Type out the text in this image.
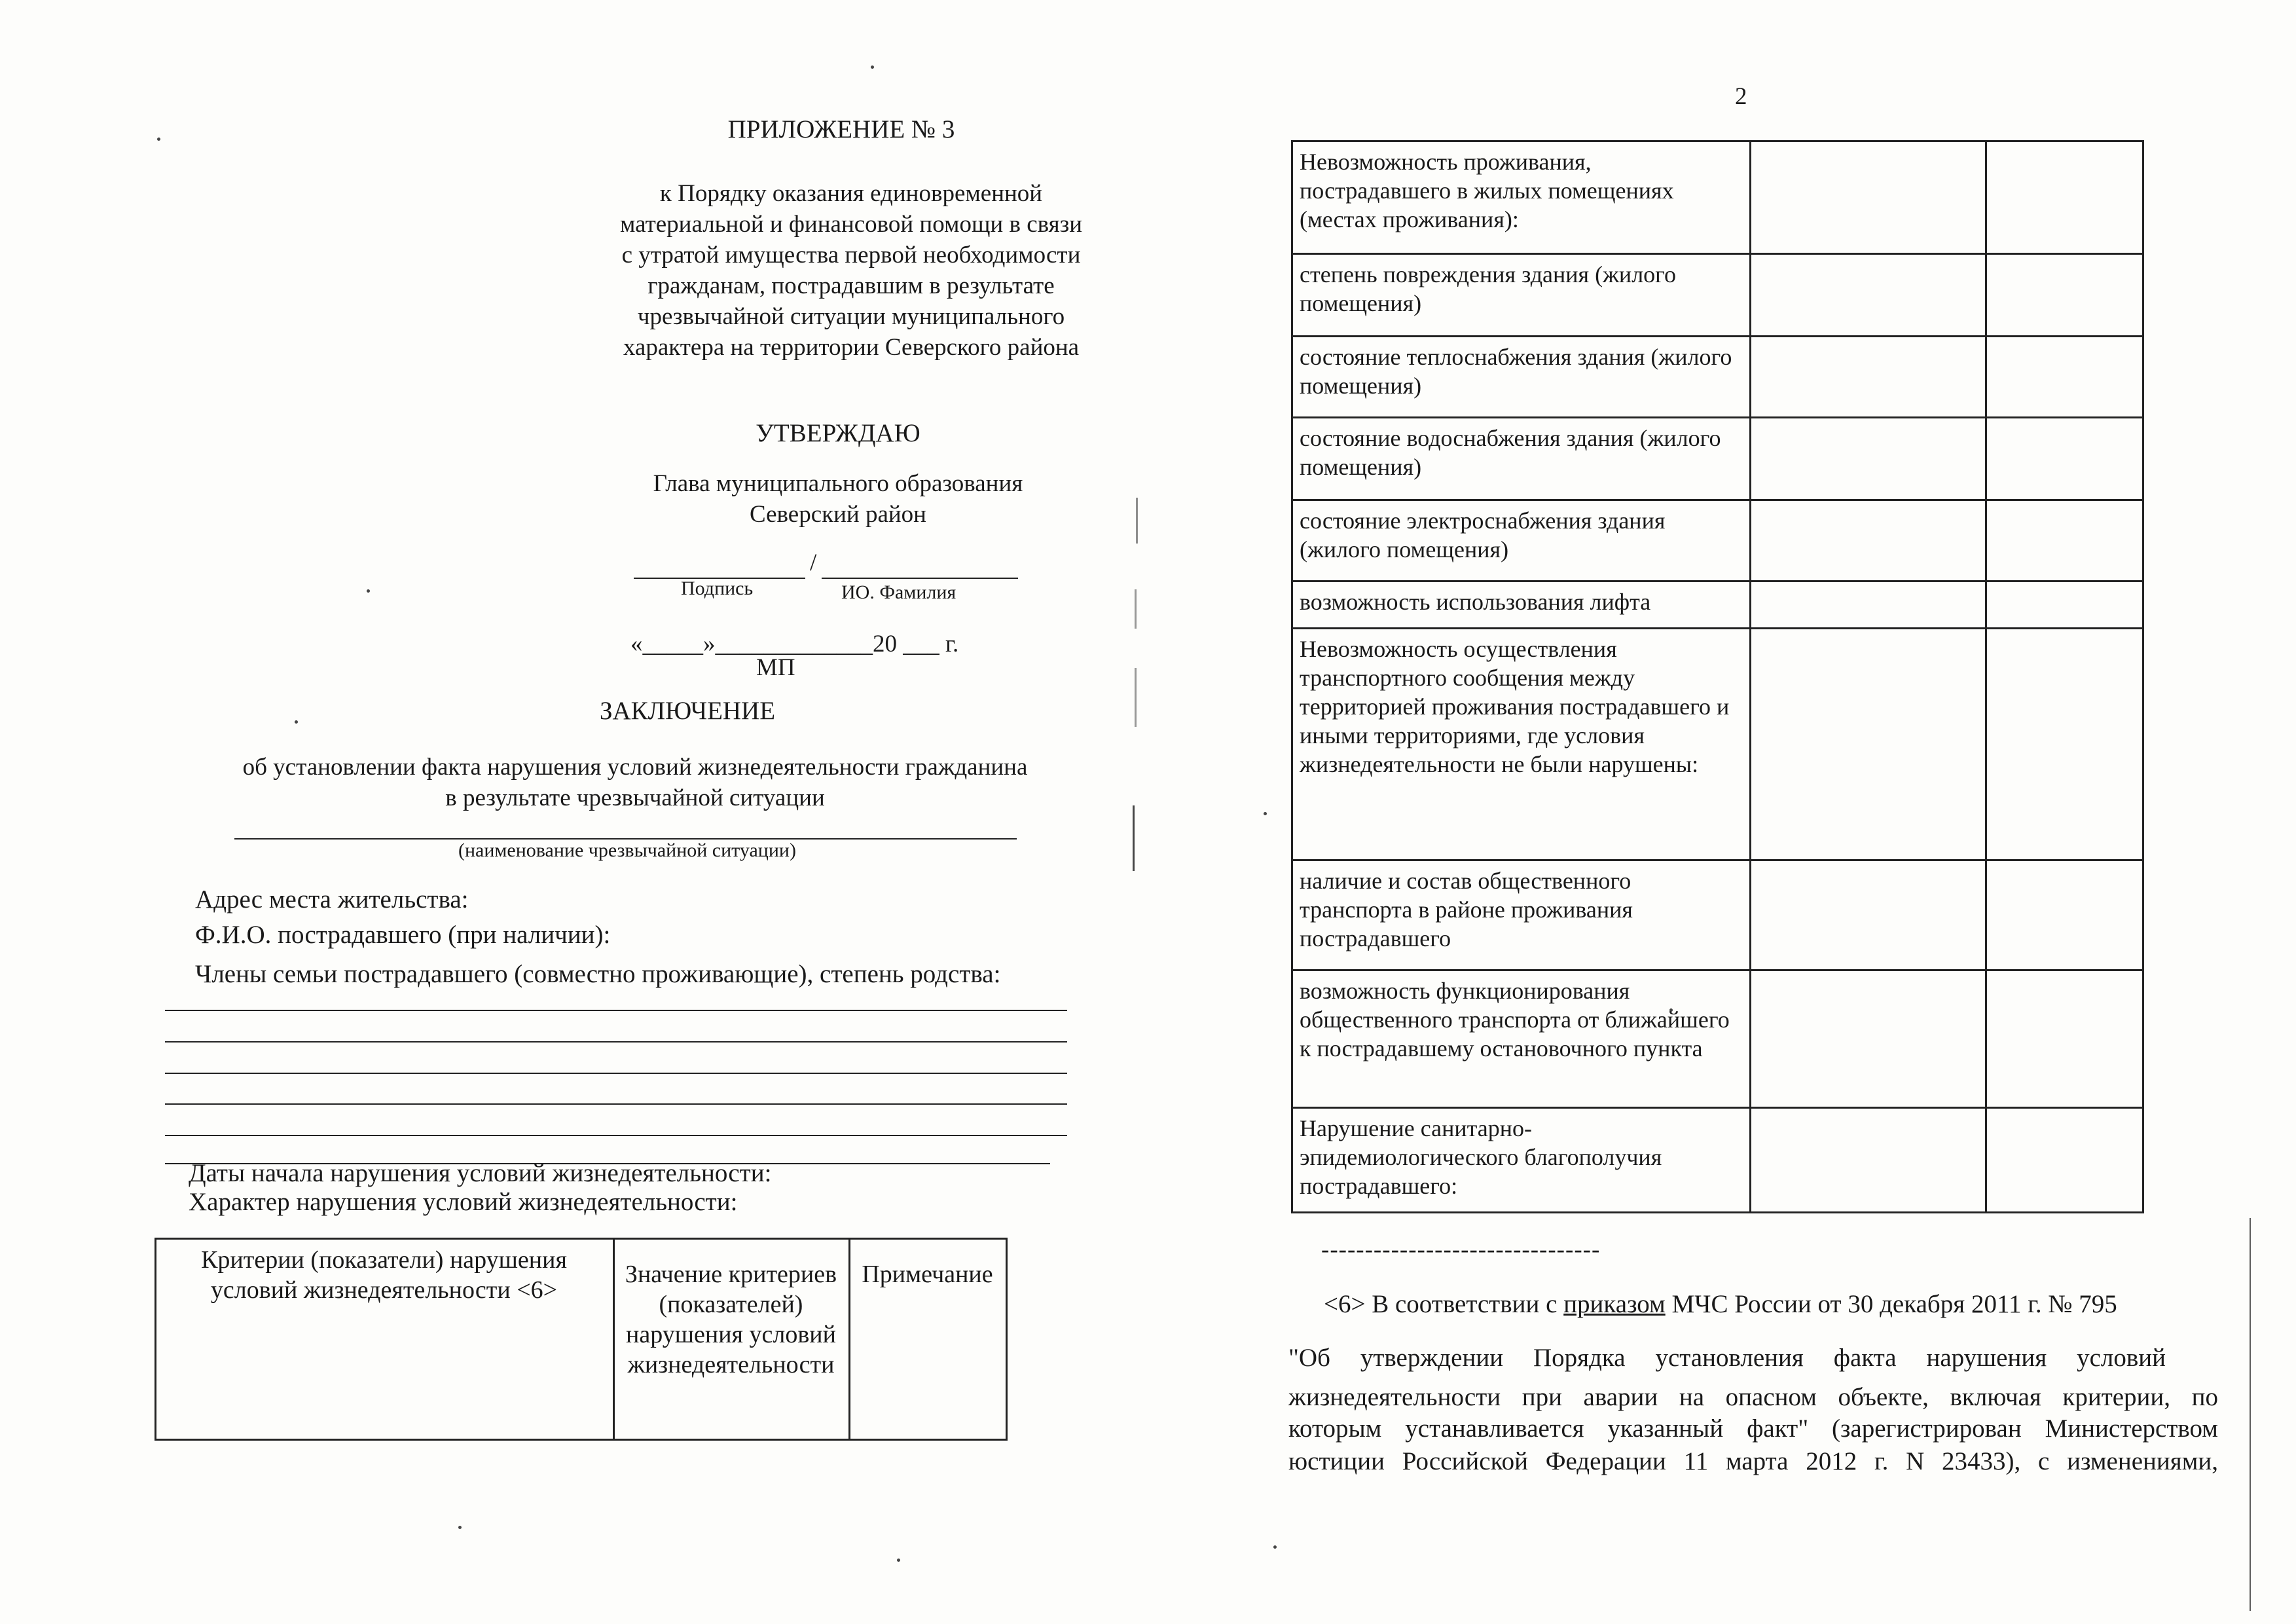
ПРИЛОЖЕНИЕ № 3
к Порядку оказания единовременной
материальной и финансовой помощи в связи
с утратой имущества первой необходимости
гражданам, пострадавшим в результате
чрезвычайной ситуации муниципального
характера на территории Северского района
УТВЕРЖДАЮ
Глава муниципального образования
Северский район
/
Подпись	ИО. Фамилия
«_____»_____________20 ___ г.
МП
ЗАКЛЮЧЕНИЕ
об установлении факта нарушения условий жизнедеятельности гражданина
в результате чрезвычайной ситуации
(наименование чрезвычайной ситуации)
Адрес места жительства:
Ф.И.О. пострадавшего (при наличии):
Члены семьи пострадавшего (совместно проживающие), степень родства:
Даты начала нарушения условий жизнедеятельности:
Характер нарушения условий жизнедеятельности:
Критерии (показатели) нарушения условий жизнедеятельности <6>	Значение критериев (показателей) нарушения условий жизнедеятельности	Примечание
2
Невозможность проживания, пострадавшего в жилых помещениях (местах проживания):		
степень повреждения здания (жилого помещения)		
состояние теплоснабжения здания (жилого помещения)		
состояние водоснабжения здания (жилого помещения)		
состояние электроснабжения здания (жилого помещения)		
возможность использования лифта		
Невозможность осуществления транспортного сообщения между территорией проживания пострадавшего и иными территориями, где условия жизнедеятельности не были нарушены:		
наличие и состав общественного транспорта в районе проживания пострадавшего		
возможность функционирования общественного транспорта от ближайшего к пострадавшему остановочного пункта		
Нарушение санитарно-эпидемиологического благополучия пострадавшего:		
--------------------------------
<6> В соответствии с приказом МЧС России от 30 декабря 2011 г. № 795
"Об утверждении Порядка установления факта нарушения условий
жизнедеятельности при аварии на опасном объекте, включая критерии, по
которым устанавливается указанный факт" (зарегистрирован Министерством
юстиции Российской Федерации 11 марта 2012 г. N 23433), с изменениями,
